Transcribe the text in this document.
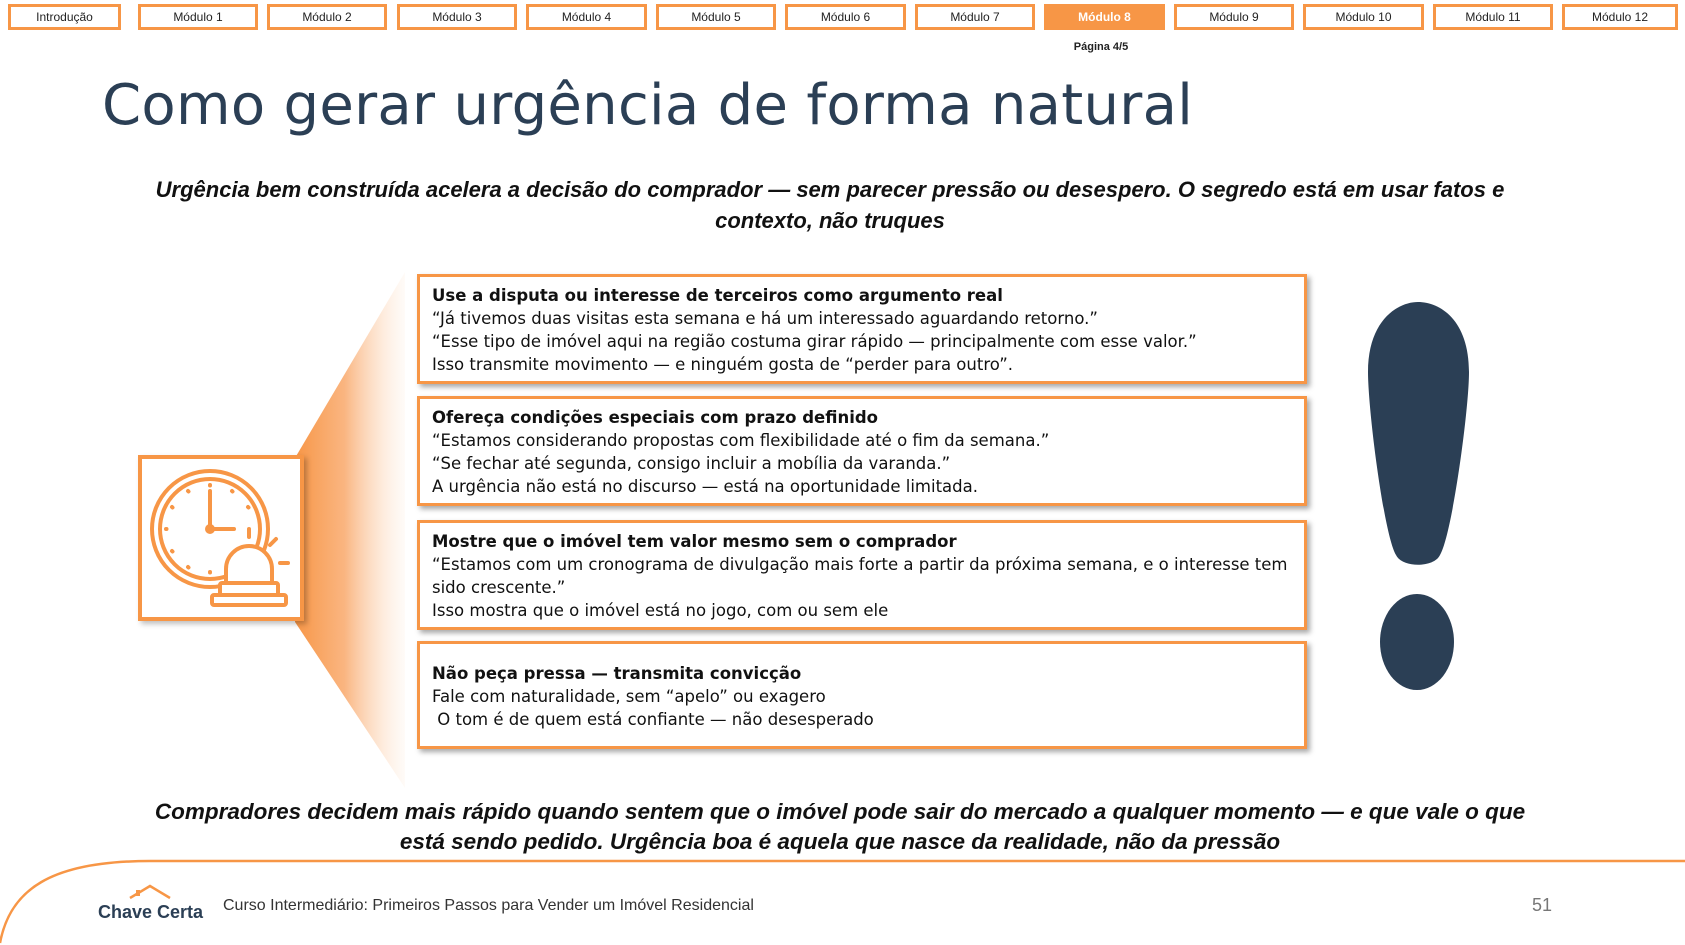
Introdução	Módulo 1	Módulo 2	Módulo 3	Módulo 4	Módulo 5	Módulo 6	Módulo 7	Módulo 8	Módulo 9	Módulo 10	Módulo 11	Módulo 12
Página 4/5
Como gerar urgência de forma natural

Urgência bem construída acelera a decisão do comprador — sem parecer pressão ou desespero. O segredo está em usar fatos e contexto, não truques

Use a disputa ou interesse de terceiros como argumento real

“Já tivemos duas visitas esta semana e há um interessado aguardando retorno.”

“Esse tipo de imóvel aqui na região costuma girar rápido — principalmente com esse valor.”

Isso transmite movimento — e ninguém gosta de “perder para outro”.

Ofereça condições especiais com prazo definido

“Estamos considerando propostas com flexibilidade até o fim da semana.”

“Se fechar até segunda, consigo incluir a mobília da varanda.”

A urgência não está no discurso — está na oportunidade limitada.

Mostre que o imóvel tem valor mesmo sem o comprador

“Estamos com um cronograma de divulgação mais forte a partir da próxima semana, e o interesse tem sido crescente.”

Isso mostra que o imóvel está no jogo, com ou sem ele

Não peça pressa — transmita convicção

Fale com naturalidade, sem “apelo” ou exagero

O tom é de quem está confiante — não desesperado

Compradores decidem mais rápido quando sentem que o imóvel pode sair do mercado a qualquer momento — e que vale o que está sendo pedido. Urgência boa é aquela que nasce da realidade, não da pressão

Chave Certa Curso Intermediário: Primeiros Passos para Vender um Imóvel Residencial	51
